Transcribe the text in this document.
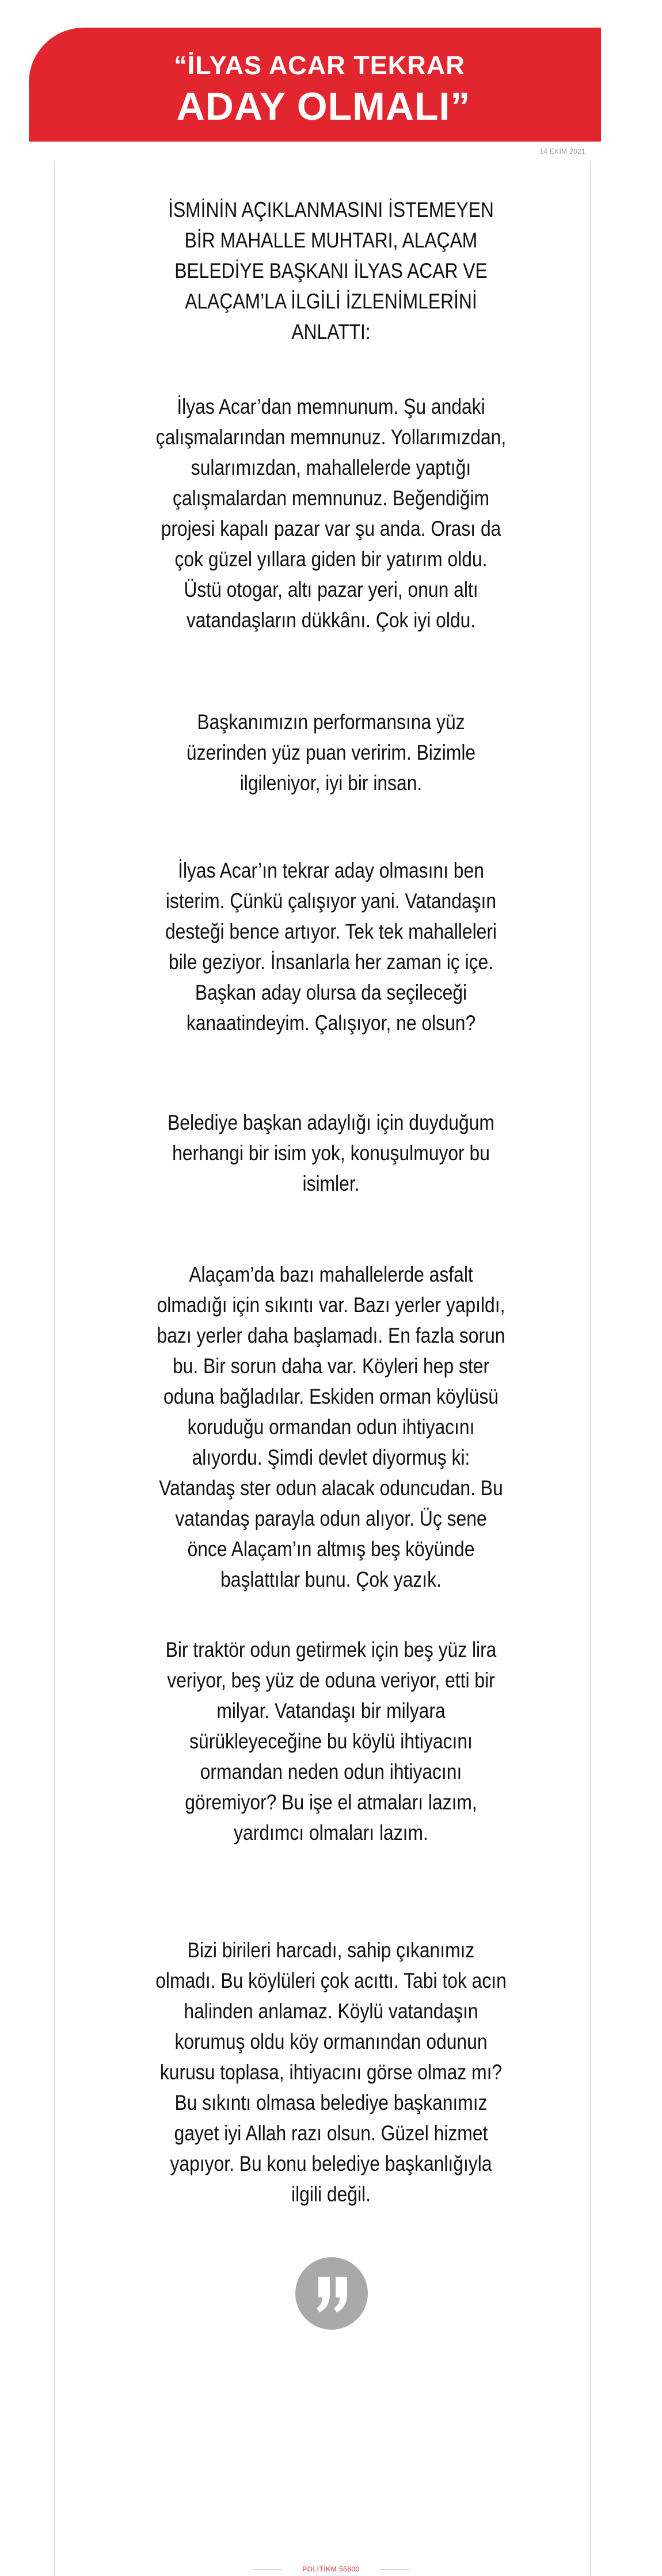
“İLYAS ACAR TEKRAR
ADAY OLMALI”
14 EKİM 2021

İSMİNİN AÇIKLANMASINI İSTEMEYEN BİR MAHALLE MUHTARI, ALAÇAM BELEDİYE BAŞKANI İLYAS ACAR VE ALAÇAM’LA İLGİLİ İZLENİMLERİNİ ANLATTI:

İlyas Acar’dan memnunum. Şu andaki çalışmalarından memnunuz. Yollarımızdan, sularımızdan, mahallelerde yaptığı çalışmalardan memnunuz. Beğendiğim projesi kapalı pazar var şu anda. Orası da çok güzel yıllara giden bir yatırım oldu. Üstü otogar, altı pazar yeri, onun altı vatandaşların dükkânı. Çok iyi oldu.

Başkanımızın performansına yüz üzerinden yüz puan veririm. Bizimle ilgileniyor, iyi bir insan.

İlyas Acar’ın tekrar aday olmasını ben isterim. Çünkü çalışıyor yani. Vatandaşın desteği bence artıyor. Tek tek mahalleleri bile geziyor. İnsanlarla her zaman iç içe. Başkan aday olursa da seçileceği kanaatindeyim. Çalışıyor, ne olsun?

Belediye başkan adaylığı için duyduğum herhangi bir isim yok, konuşulmuyor bu isimler.

Alaçam’da bazı mahallelerde asfalt olmadığı için sıkıntı var. Bazı yerler yapıldı, bazı yerler daha başlamadı. En fazla sorun bu. Bir sorun daha var. Köyleri hep ster oduna bağladılar. Eskiden orman köylüsü koruduğu ormandan odun ihtiyacını alıyordu. Şimdi devlet diyormuş ki: Vatandaş ster odun alacak oduncudan. Bu vatandaş parayla odun alıyor. Üç sene önce Alaçam’ın altmış beş köyünde başlattılar bunu. Çok yazık.

Bir traktör odun getirmek için beş yüz lira veriyor, beş yüz de oduna veriyor, etti bir milyar. Vatandaşı bir milyara sürükleyeceğine bu köylü ihtiyacını ormandan neden odun ihtiyacını göremiyor? Bu işe el atmaları lazım, yardımcı olmaları lazım.

Bizi birileri harcadı, sahip çıkanımız olmadı. Bu köylüleri çok acıttı. Tabi tok acın halinden anlamaz. Köylü vatandaşın korumuş oldu köy ormanından odunun kurusu toplasa, ihtiyacını görse olmaz mı? Bu sıkıntı olmasa belediye başkanımız gayet iyi Allah razı olsun. Güzel hizmet yapıyor. Bu konu belediye başkanlığıyla ilgili değil.

POLİTİKM 55800
